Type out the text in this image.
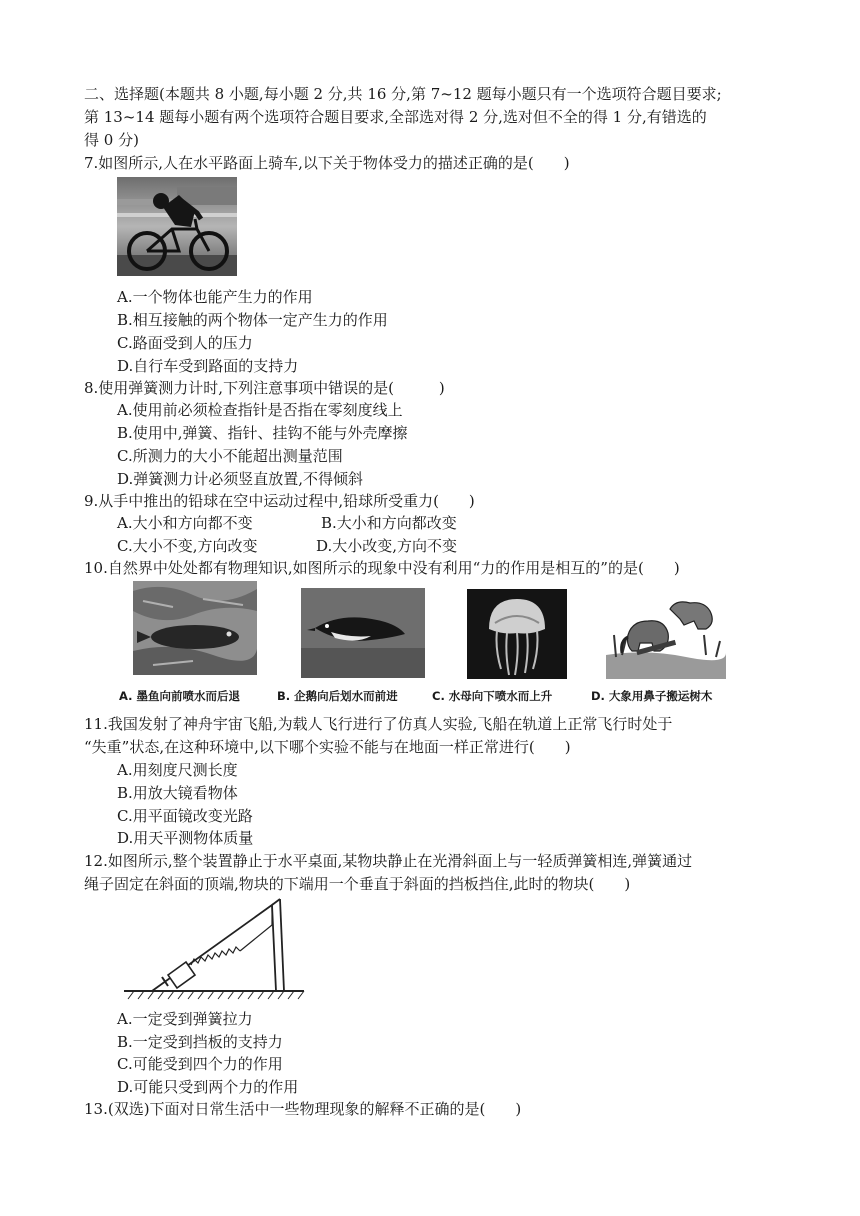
二、选择题(本题共 8 小题,每小题 2 分,共 16 分,第 7~12 题每小题只有一个选项符合题目要求;
第 13~14 题每小题有两个选项符合题目要求,全部选对得 2 分,选对但不全的得 1 分,有错选的
得 0 分)
7.如图所示,人在水平路面上骑车,以下关于物体受力的描述正确的是(　　)
A.一个物体也能产生力的作用
B.相互接触的两个物体一定产生力的作用
C.路面受到人的压力
D.自行车受到路面的支持力
8.使用弹簧测力计时,下列注意事项中错误的是(　　　)
A.使用前必须检查指针是否指在零刻度线上
B.使用中,弹簧、指针、挂钩不能与外壳摩擦
C.所测力的大小不能超出测量范围
D.弹簧测力计必须竖直放置,不得倾斜
9.从手中推出的铅球在空中运动过程中,铅球所受重力(　　)
A.大小和方向都不变	B.大小和方向都改变
C.大小不变,方向改变	D.大小改变,方向不变
10.自然界中处处都有物理知识,如图所示的现象中没有利用“力的作用是相互的”的是(　　)
A. 墨鱼向前喷水而后退	B. 企鹅向后划水而前进	C. 水母向下喷水而上升	D. 大象用鼻子搬运树木
11.我国发射了神舟宇宙飞船,为载人飞行进行了仿真人实验,飞船在轨道上正常飞行时处于
“失重”状态,在这种环境中,以下哪个实验不能与在地面一样正常进行(　　)
A.用刻度尺测长度
B.用放大镜看物体
C.用平面镜改变光路
D.用天平测物体质量
12.如图所示,整个装置静止于水平桌面,某物块静止在光滑斜面上与一轻质弹簧相连,弹簧通过
绳子固定在斜面的顶端,物块的下端用一个垂直于斜面的挡板挡住,此时的物块(　　)
A.一定受到弹簧拉力
B.一定受到挡板的支持力
C.可能受到四个力的作用
D.可能只受到两个力的作用
13.(双选)下面对日常生活中一些物理现象的解释不正确的是(　　)
